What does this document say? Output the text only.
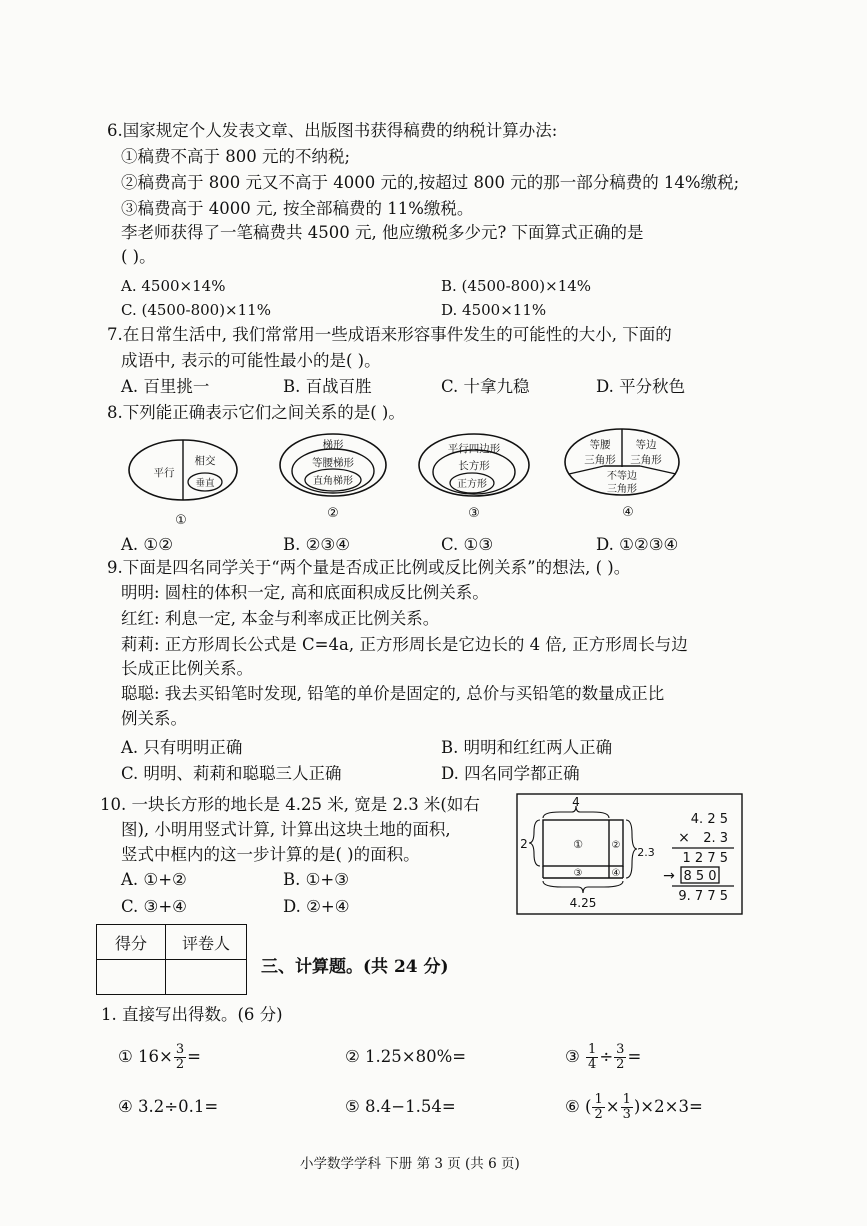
6.国家规定个人发表文章、出版图书获得稿费的纳税计算办法:
①稿费不高于 800 元的不纳税;
②稿费高于 800 元又不高于 4000 元的,按超过 800 元的那一部分稿费的 14%缴税;
③稿费高于 4000 元, 按全部稿费的 11%缴税。
李老师获得了一笔稿费共 4500 元, 他应缴税多少元? 下面算式正确的是
( )。
A. 4500×14%	B. (4500-800)×14%
C. (4500-800)×11%	D. 4500×11%
7.在日常生活中, 我们常常用一些成语来形容事件发生的可能性的大小, 下面的
成语中, 表示的可能性最小的是( )。
A. 百里挑一	B. 百战百胜	C. 十拿九稳	D. 平分秋色
8.下列能正确表示它们之间关系的是( )。
平行
相交
垂直
①
梯形
等腰梯形
直角梯形
②
平行四边形
长方形
正方形
③
等腰
三角形
等边
三角形
不等边
三角形
④
A. ①②	B. ②③④	C. ①③	D. ①②③④
9.下面是四名同学关于“两个量是否成正比例或反比例关系”的想法, ( )。
明明: 圆柱的体积一定, 高和底面积成反比例关系。
红红: 利息一定, 本金与利率成正比例关系。
莉莉: 正方形周长公式是 C=4a, 正方形周长是它边长的 4 倍, 正方形周长与边
长成正比例关系。
聪聪: 我去买铅笔时发现, 铅笔的单价是固定的, 总价与买铅笔的数量成正比
例关系。
A. 只有明明正确	B. 明明和红红两人正确
C. 明明、莉莉和聪聪三人正确	D. 四名同学都正确
10. 一块长方形的地长是 4.25 米, 宽是 2.3 米(如右
图), 小明用竖式计算, 计算出这块土地的面积,
竖式中框内的这一步计算的是( )的面积。
A. ①+②	B. ①+③
C. ③+④	D. ②+④
4
2
2.3
4.25
①	②
③	④
4. 2 5
× 2. 3
1 2 7 5
→ 8 5 0
9. 7 7 5
得分	评卷人

三、计算题。(共 24 分)
1. 直接写出得数。(6 分)
① $16\times \frac{3}{2}$ =	② 1.25×80%=	③ $\frac{1}{4} \div \frac{3}{2}$ =
④ 3.2÷0.1=	⑤ 8.4−1.54=	⑥ ( $\frac{1}{2} \times \frac{1}{3} )\times 2\times 3=$
小学数学学科 下册 第 3 页 (共 6 页)
